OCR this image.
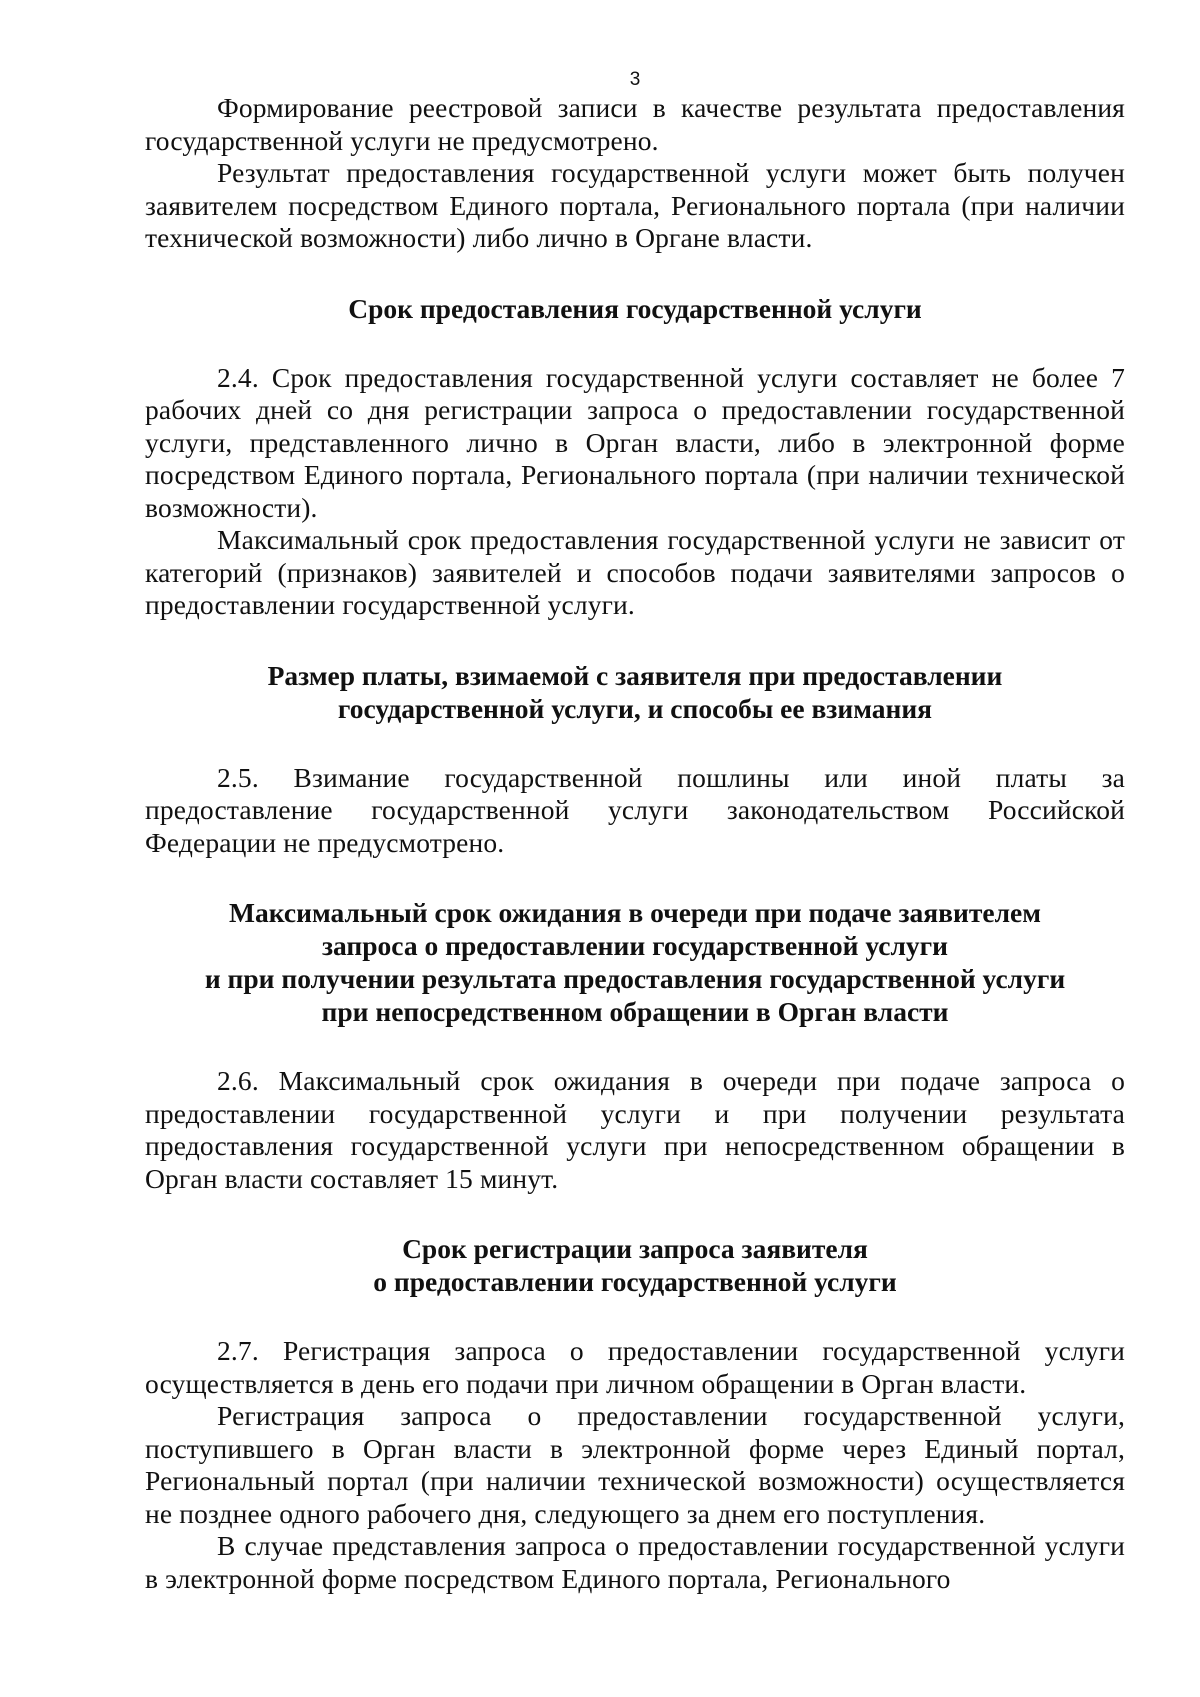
3

Формирование реестровой записи в качестве результата предоставления государственной услуги не предусмотрено.

Результат предоставления государственной услуги может быть получен заявителем посредством Единого портала, Регионального портала (при наличии технической возможности) либо лично в Органе власти.

Срок предоставления государственной услуги

2.4. Срок предоставления государственной услуги составляет не более 7 рабочих дней со дня регистрации запроса о предоставлении государственной услуги, представленного лично в Орган власти, либо в электронной форме посредством Единого портала, Регионального портала (при наличии технической возможности).

Максимальный срок предоставления государственной услуги не зависит от категорий (признаков) заявителей и способов подачи заявителями запросов о предоставлении государственной услуги.

Размер платы, взимаемой с заявителя при предоставлении
государственной услуги, и способы ее взимания

2.5. Взимание государственной пошлины или иной платы за предоставление государственной услуги законодательством Российской Федерации не предусмотрено.

Максимальный срок ожидания в очереди при подаче заявителем
запроса о предоставлении государственной услуги
и при получении результата предоставления государственной услуги
при непосредственном обращении в Орган власти

2.6. Максимальный срок ожидания в очереди при подаче запроса о предоставлении государственной услуги и при получении результата предоставления государственной услуги при непосредственном обращении в Орган власти составляет 15 минут.

Срок регистрации запроса заявителя
о предоставлении государственной услуги

2.7. Регистрация запроса о предоставлении государственной услуги осуществляется в день его подачи при личном обращении в Орган власти.

Регистрация запроса о предоставлении государственной услуги, поступившего в Орган власти в электронной форме через Единый портал, Региональный портал (при наличии технической возможности) осуществляется не позднее одного рабочего дня, следующего за днем его поступления.

В случае представления запроса о предоставлении государственной услуги в электронной форме посредством Единого портала, Регионального
